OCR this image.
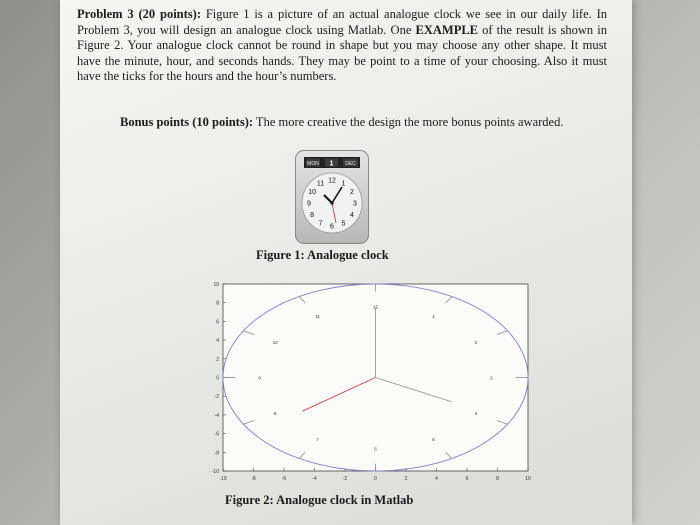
Problem 3 (20 points): Figure 1 is a picture of an actual analogue clock we see in our daily life. In Problem 3, you will design an analogue clock using Matlab. One EXAMPLE of the result is shown in Figure 2. Your analogue clock cannot be round in shape but you may choose any other shape. It must have the minute, hour, and seconds hands. They may be point to a time of your choosing. Also it must have the ticks for the hours and the hour’s numbers.

Bonus points (10 points): The more creative the design the more bonus points awarded.

MON 1 DEC
12 1
2
3
4
5
6
7
8
9
10
11
Figure 1: Analogue clock
-10	-8	-6	-4	-2	0	2	4	6	8	10
10
8
6
4
2
0
-2
-4
-6
-8
-10
12
1
2
3
4
5
6
7
8
9
10
11
Figure 2: Analogue clock in Matlab
